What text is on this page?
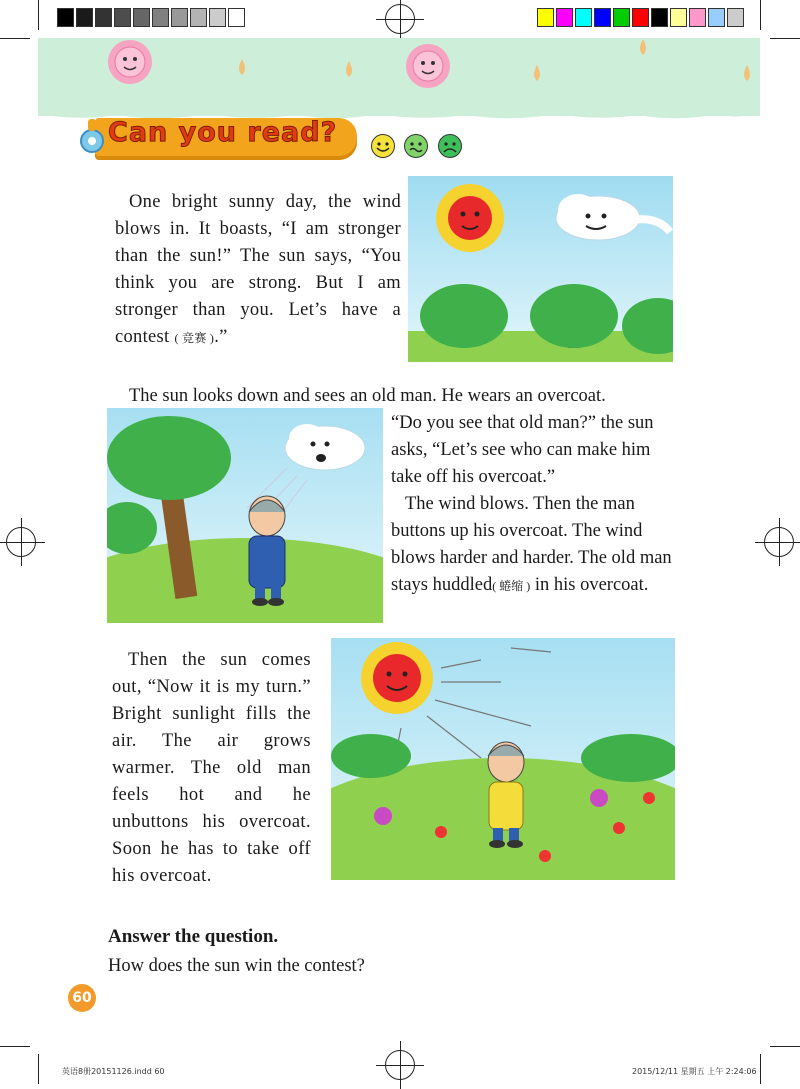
Can you read?
One bright sunny day, the wind blows in. It boasts, “I am stronger than the sun!” The sun says, “You think you are strong. But I am stronger than you. Let’s have a contest ( 竞赛 ).”
The sun looks down and sees an old man. He wears an overcoat.
“Do you see that old man?” the sun asks, “Let’s see who can make him take off his overcoat.”
The wind blows. Then the man buttons up his overcoat. The wind blows harder and harder. The old man stays huddled( 蜷缩 ) in his overcoat.
Then the sun comes out, “Now it is my turn.” Bright sunlight fills the air. The air grows warmer. The old man feels hot and he unbuttons his overcoat. Soon he has to take off his overcoat.
Answer the question.
How does the sun win the contest?
60
英语8册20151126.indd 60	2015/12/11 星期五 上午 2:24:06
